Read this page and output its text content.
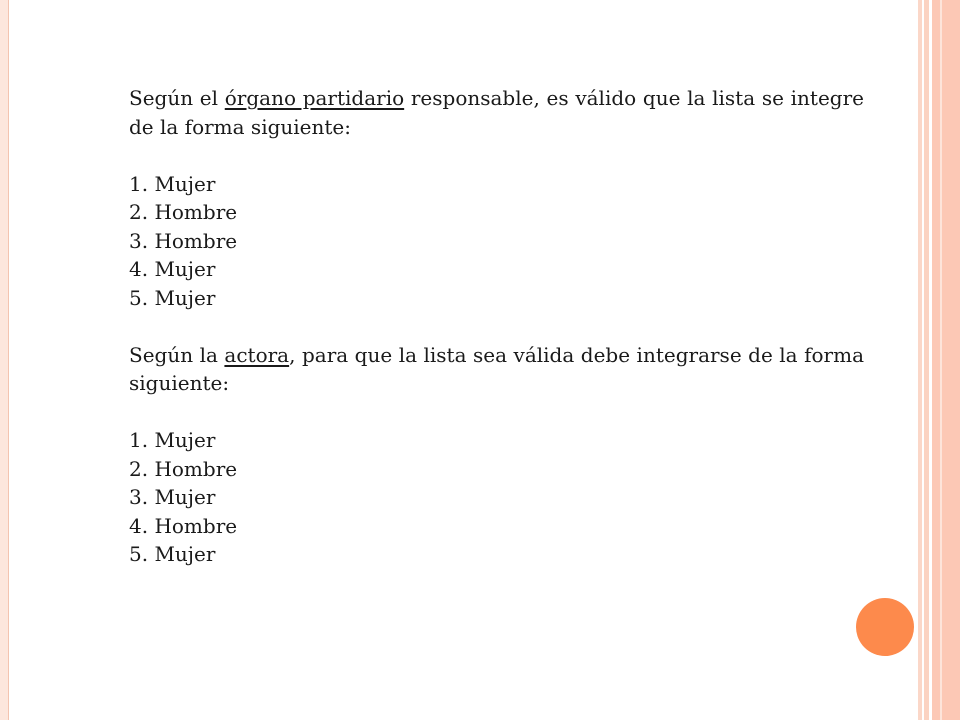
Según el órgano partidario responsable, es válido que la lista se integre de la forma siguiente:

1. Mujer
2. Hombre
3. Hombre
4. Mujer
5. Mujer

Según la actora, para que la lista sea válida debe integrarse de la forma siguiente:

1. Mujer
2. Hombre
3. Mujer
4. Hombre
5. Mujer
